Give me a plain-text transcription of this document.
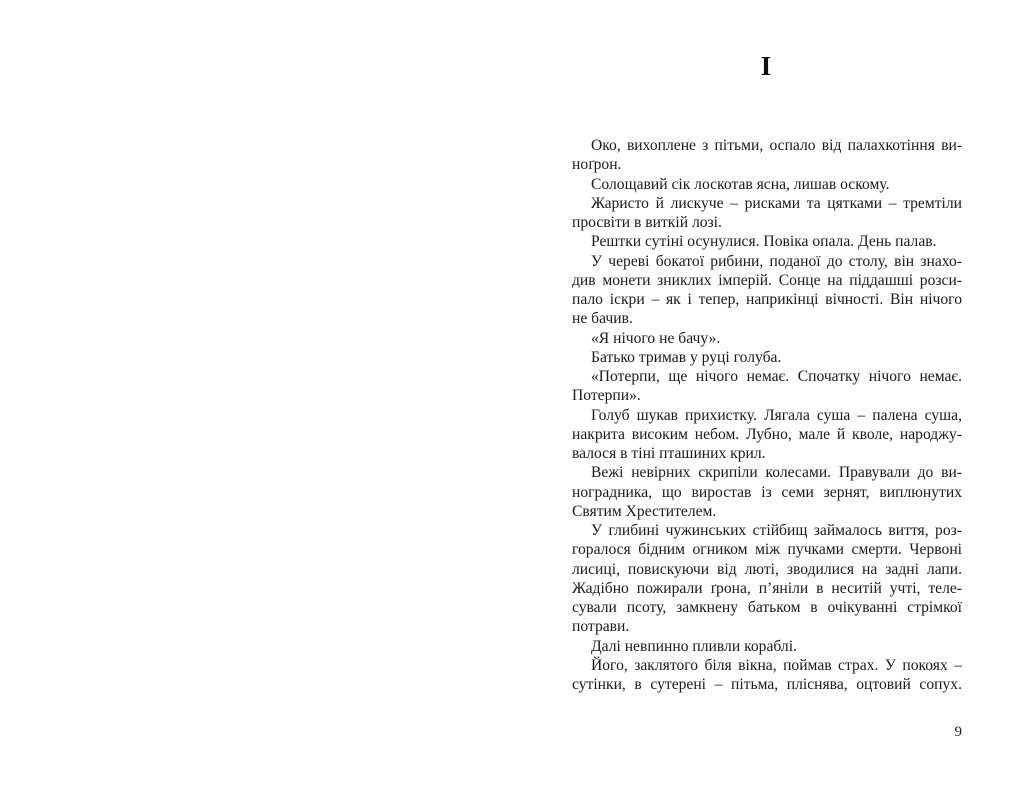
I
Око, вихоплене з пітьми, оспало від палахкотіння ви-
ноґрон.
Солощавий сік лоскотав ясна, лишав оскому.
Жаристо й лискуче – рисками та цятками – тремтіли
просвіти в виткій лозі.
Рештки сутіні осунулися. Повіка опала. День палав.
У череві бокатої рибини, поданої до столу, він знахо-
див монети зниклих імперій. Сонце на піддашші розси-
пало іскри – як і тепер, наприкінці вічності. Він нічого
не бачив.
«Я нічого не бачу».
Батько тримав у руці голуба.
«Потерпи, ще нічого немає. Спочатку нічого немає.
Потерпи».
Голуб шукав прихистку. Лягала суша – палена суша,
накрита високим небом. Лубно, мале й кволе, народжу-
валося в тіні пташиних крил.
Вежі невірних скрипіли колесами. Правували до ви-
ноградника, що виростав із семи зернят, виплюнутих
Святим Хрестителем.
У глибині чужинських стійбищ займалось виття, роз-
горалося бідним огником між пучками смерти. Червоні
лисиці, повискуючи від люті, зводилися на задні лапи.
Жадібно пожирали ґрона, п’яніли в неситій учті, теле-
сували псоту, замкнену батьком в очікуванні стрімкої
потрави.
Далі невпинно пливли кораблі.
Його, заклятого біля вікна, поймав страх. У покоях –
сутінки, в сутерені – пітьма, пліснява, оцтовий сопух.
9
